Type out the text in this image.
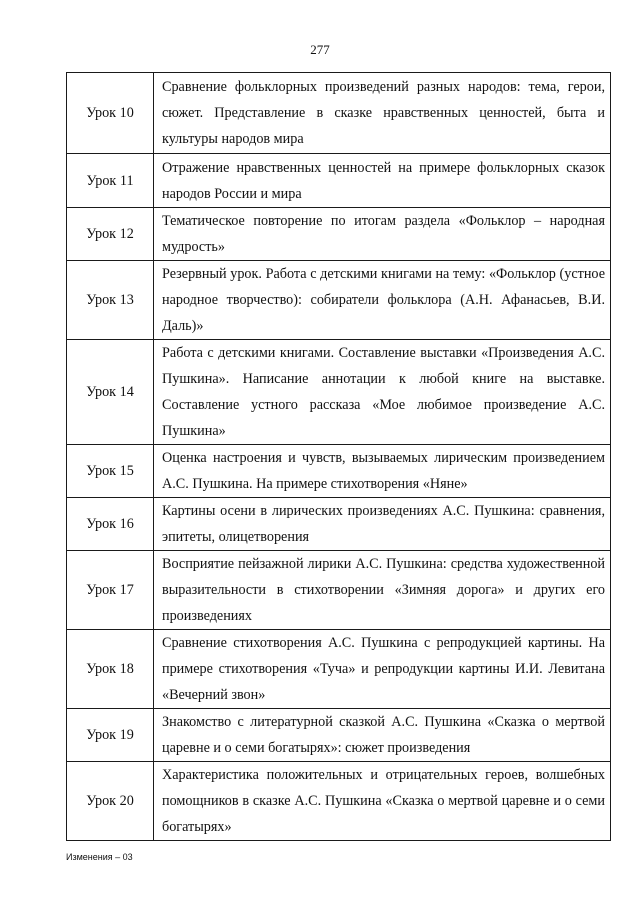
277
Урок 10	Сравнение фольклорных произведений разных народов: тема, герои, сюжет. Представление в сказке нравственных ценностей, быта и культуры народов мира
Урок 11	Отражение нравственных ценностей на примере фольклорных сказок народов России и мира
Урок 12	Тематическое повторение по итогам раздела «Фольклор – народная мудрость»
Урок 13	Резервный урок. Работа с детскими книгами на тему: «Фольклор (устное народное творчество): собиратели фольклора (А.Н. Афанасьев, В.И. Даль)»
Урок 14	Работа с детскими книгами. Составление выставки «Произведения А.С. Пушкина». Написание аннотации к любой книге на выставке. Составление устного рассказа «Мое любимое произведение А.С. Пушкина»
Урок 15	Оценка настроения и чувств, вызываемых лирическим произведением А.С. Пушкина. На примере стихотворения «Няне»
Урок 16	Картины осени в лирических произведениях А.С. Пушкина: сравнения, эпитеты, олицетворения
Урок 17	Восприятие пейзажной лирики А.С. Пушкина: средства художественной выразительности в стихотворении «Зимняя дорога» и других его произведениях
Урок 18	Сравнение стихотворения А.С. Пушкина с репродукцией картины. На примере стихотворения «Туча» и репродукции картины И.И. Левитана «Вечерний звон»
Урок 19	Знакомство с литературной сказкой А.С. Пушкина «Сказка о мертвой царевне и о семи богатырях»: сюжет произведения
Урок 20	Характеристика положительных и отрицательных героев, волшебных помощников в сказке А.С. Пушкина «Сказка о мертвой царевне и о семи богатырях»
Изменения – 03
